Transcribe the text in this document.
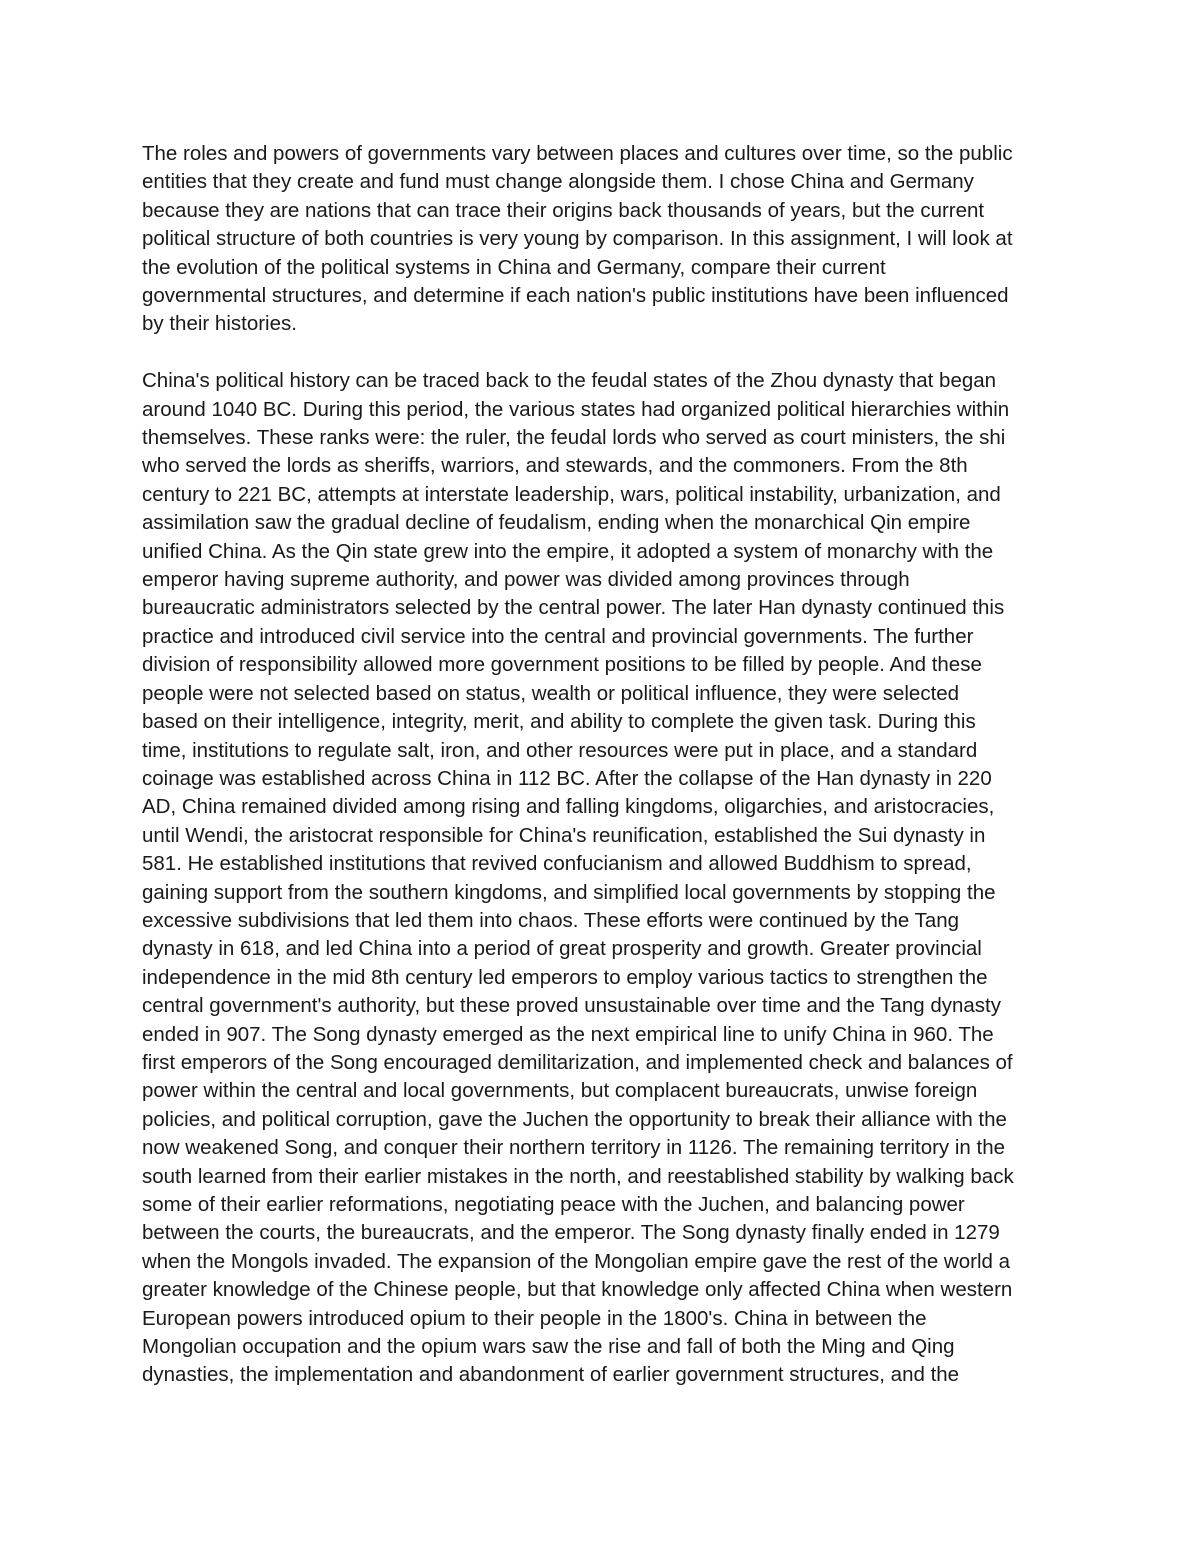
The roles and powers of governments vary between places and cultures over time, so the public
entities that they create and fund must change alongside them. I chose China and Germany
because they are nations that can trace their origins back thousands of years, but the current
political structure of both countries is very young by comparison. In this assignment, I will look at
the evolution of the political systems in China and Germany, compare their current
governmental structures, and determine if each nation's public institutions have been influenced
by their histories.
China's political history can be traced back to the feudal states of the Zhou dynasty that began
around 1040 BC. During this period, the various states had organized political hierarchies within
themselves. These ranks were: the ruler, the feudal lords who served as court ministers, the shi
who served the lords as sheriffs, warriors, and stewards, and the commoners. From the 8th
century to 221 BC, attempts at interstate leadership, wars, political instability, urbanization, and
assimilation saw the gradual decline of feudalism, ending when the monarchical Qin empire
unified China. As the Qin state grew into the empire, it adopted a system of monarchy with the
emperor having supreme authority, and power was divided among provinces through
bureaucratic administrators selected by the central power. The later Han dynasty continued this
practice and introduced civil service into the central and provincial governments. The further
division of responsibility allowed more government positions to be filled by people. And these
people were not selected based on status, wealth or political influence, they were selected
based on their intelligence, integrity, merit, and ability to complete the given task. During this
time, institutions to regulate salt, iron, and other resources were put in place, and a standard
coinage was established across China in 112 BC. After the collapse of the Han dynasty in 220
AD, China remained divided among rising and falling kingdoms, oligarchies, and aristocracies,
until Wendi, the aristocrat responsible for China's reunification, established the Sui dynasty in
581. He established institutions that revived confucianism and allowed Buddhism to spread,
gaining support from the southern kingdoms, and simplified local governments by stopping the
excessive subdivisions that led them into chaos. These efforts were continued by the Tang
dynasty in 618, and led China into a period of great prosperity and growth. Greater provincial
independence in the mid 8th century led emperors to employ various tactics to strengthen the
central government's authority, but these proved unsustainable over time and the Tang dynasty
ended in 907. The Song dynasty emerged as the next empirical line to unify China in 960. The
first emperors of the Song encouraged demilitarization, and implemented check and balances of
power within the central and local governments, but complacent bureaucrats, unwise foreign
policies, and political corruption, gave the Juchen the opportunity to break their alliance with the
now weakened Song, and conquer their northern territory in 1126. The remaining territory in the
south learned from their earlier mistakes in the north, and reestablished stability by walking back
some of their earlier reformations, negotiating peace with the Juchen, and balancing power
between the courts, the bureaucrats, and the emperor. The Song dynasty finally ended in 1279
when the Mongols invaded. The expansion of the Mongolian empire gave the rest of the world a
greater knowledge of the Chinese people, but that knowledge only affected China when western
European powers introduced opium to their people in the 1800's. China in between the
Mongolian occupation and the opium wars saw the rise and fall of both the Ming and Qing
dynasties, the implementation and abandonment of earlier government structures, and the
